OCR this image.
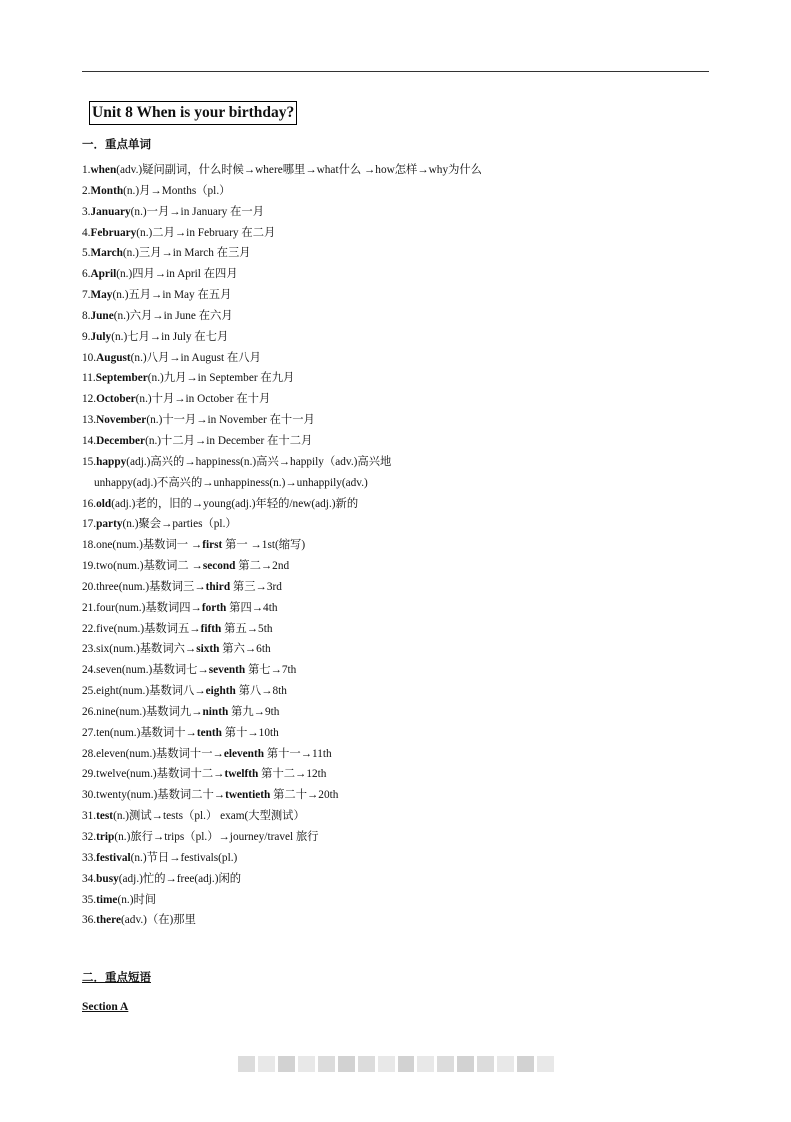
Unit 8 When is your birthday?
一．重点单词
1.when(adv.)疑问副词，什么时候→where哪里→what什么 →how怎样→why为什么
2.Month(n.)月→Months（pl.）
3.January(n.)一月→in January 在一月
4.February(n.)二月→in February 在二月
5.March(n.)三月→in March 在三月
6.April(n.)四月→in April 在四月
7.May(n.)五月→in May 在五月
8.June(n.)六月→in June 在六月
9.July(n.)七月→in July 在七月
10.August(n.)八月→in August 在八月
11.September(n.)九月→in September 在九月
12.October(n.)十月→in October 在十月
13.November(n.)十一月→in November 在十一月
14.December(n.)十二月→in December 在十二月
15.happy(adj.)高兴的→happiness(n.)高兴→happily（adv.)高兴地
unhappy(adj.)不高兴的→unhappiness(n.)→unhappily(adv.)
16.old(adj.)老的，旧的→young(adj.)年轻的/new(adj.)新的
17.party(n.)聚会→parties（pl.）
18.one(num.)基数词一 →first 第一 →1st(缩写)
19.two(num.)基数词二 →second 第二→2nd
20.three(num.)基数词三→third 第三→3rd
21.four(num.)基数词四→forth 第四→4th
22.five(num.)基数词五→fifth 第五→5th
23.six(num.)基数词六→sixth 第六→6th
24.seven(num.)基数词七→seventh 第七→7th
25.eight(num.)基数词八→eighth 第八→8th
26.nine(num.)基数词九→ninth 第九→9th
27.ten(num.)基数词十→tenth 第十→10th
28.eleven(num.)基数词十一→eleventh 第十一→11th
29.twelve(num.)基数词十二→twelfth 第十二→12th
30.twenty(num.)基数词二十→twentieth 第二十→20th
31.test(n.)测试→tests（pl.） exam(大型测试）
32.trip(n.)旅行→trips（pl.）→journey/travel 旅行
33.festival(n.)节日→festivals(pl.)
34.busy(adj.)忙的→free(adj.)闲的
35.time(n.)时间
36.there(adv.)（在)那里
二．重点短语
Section A
